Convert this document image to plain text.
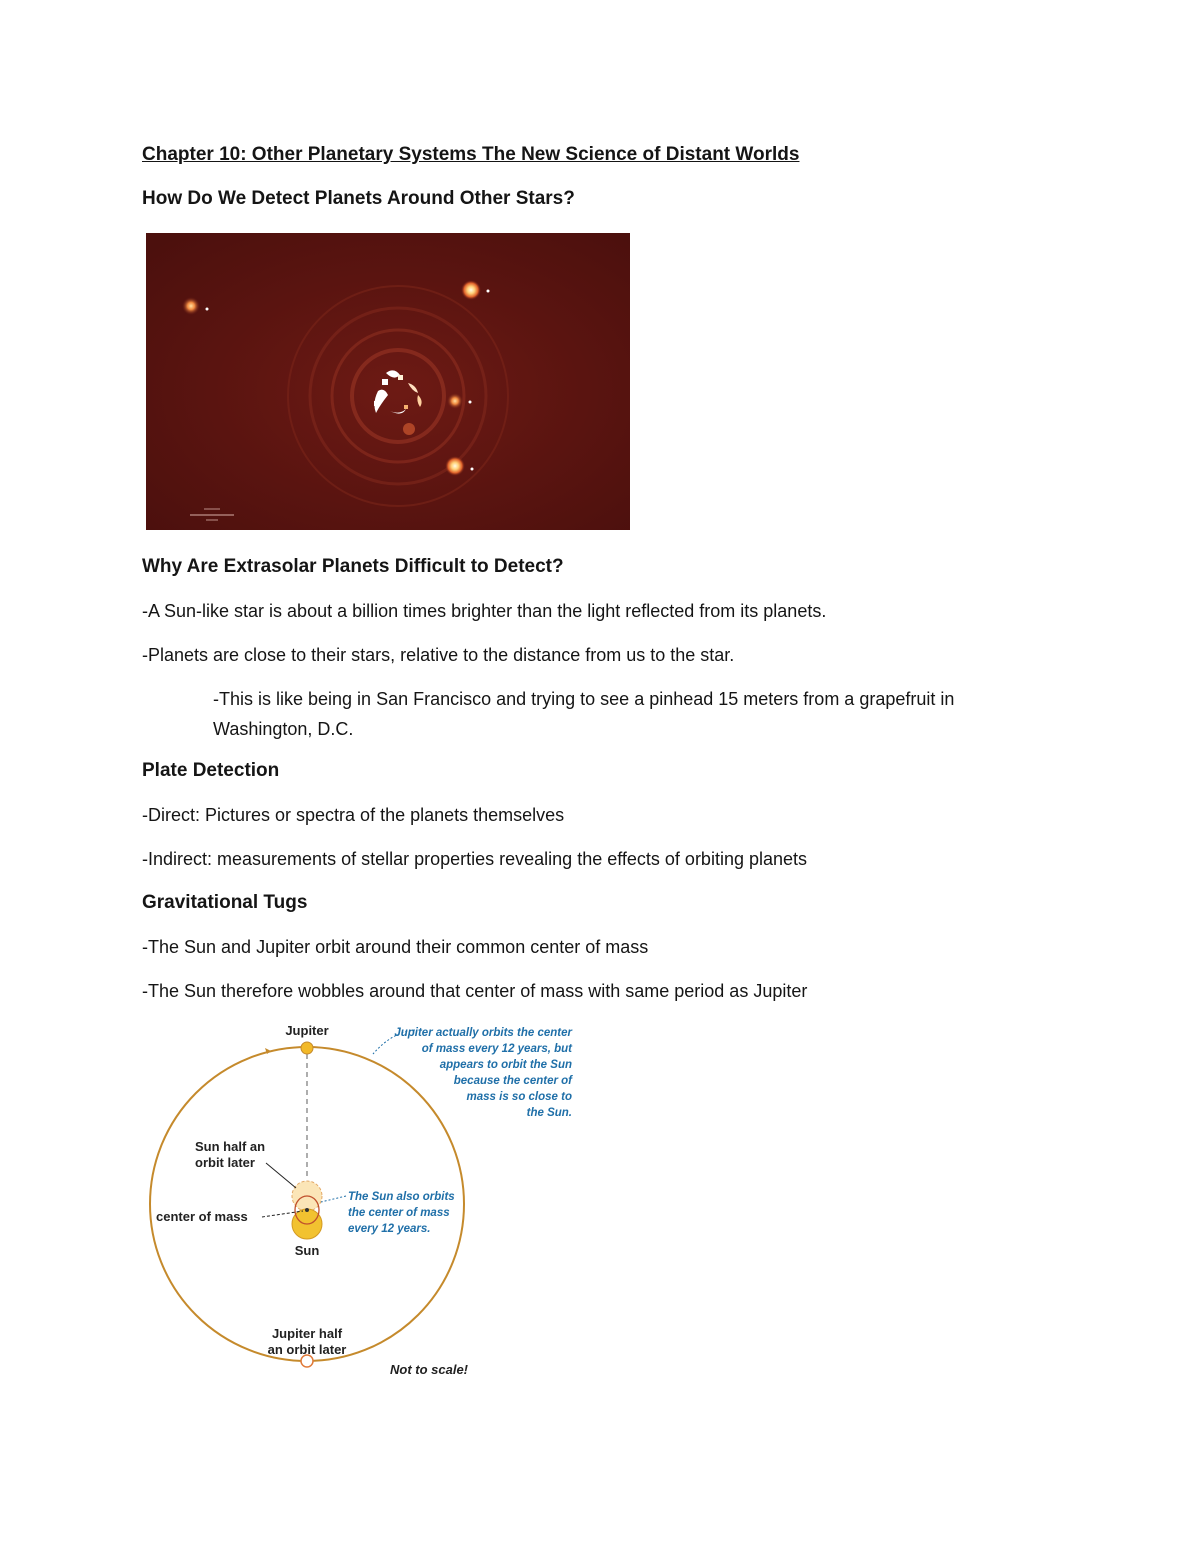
Chapter 10: Other Planetary Systems The New Science of Distant Worlds
How Do We Detect Planets Around Other Stars?
Why Are Extrasolar Planets Difficult to Detect?
-A Sun-like star is about a billion times brighter than the light reflected from its planets.
-Planets are close to their stars, relative to the distance from us to the star.
-This is like being in San Francisco and trying to see a pinhead 15 meters from a grapefruit in
Washington, D.C.
Plate Detection
-Direct: Pictures or spectra of the planets themselves
-Indirect: measurements of stellar properties revealing the effects of orbiting planets
Gravitational Tugs
-The Sun and Jupiter orbit around their common center of mass
-The Sun therefore wobbles around that center of mass with same period as Jupiter
Jupiter	Jupiter actually orbits the center
of mass every 12 years, but
appears to orbit the Sun
because the center of
mass is so close to
the Sun.
Sun half an
orbit later
center of mass
Sun
The Sun also orbits
the center of mass
every 12 years.
Jupiter half
an orbit later
Not to scale!
